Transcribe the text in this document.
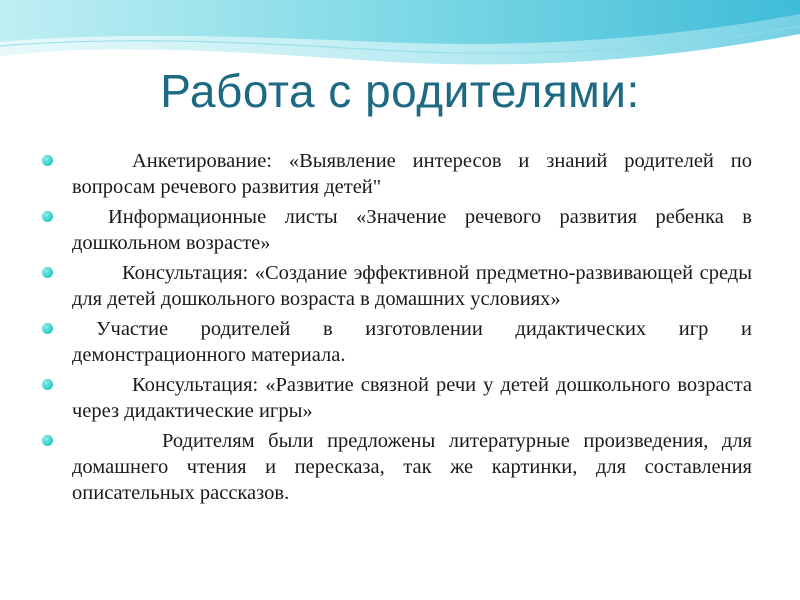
Работа с родителями:
Анкетирование: «Выявление интересов и знаний родителей по вопросам речевого развития детей"
Информационные листы «Значение речевого развития ребенка в дошкольном возрасте»
Консультация: «Создание эффективной предметно-развивающей среды для детей дошкольного возраста в домашних условиях»
Участие родителей в изготовлении дидактических игр и демонстрационного материала.
Консультация: «Развитие связной речи у детей дошкольного возраста через дидактические игры»
Родителям были предложены литературные произведения, для домашнего чтения и пересказа, так же картинки, для составления описательных рассказов.
